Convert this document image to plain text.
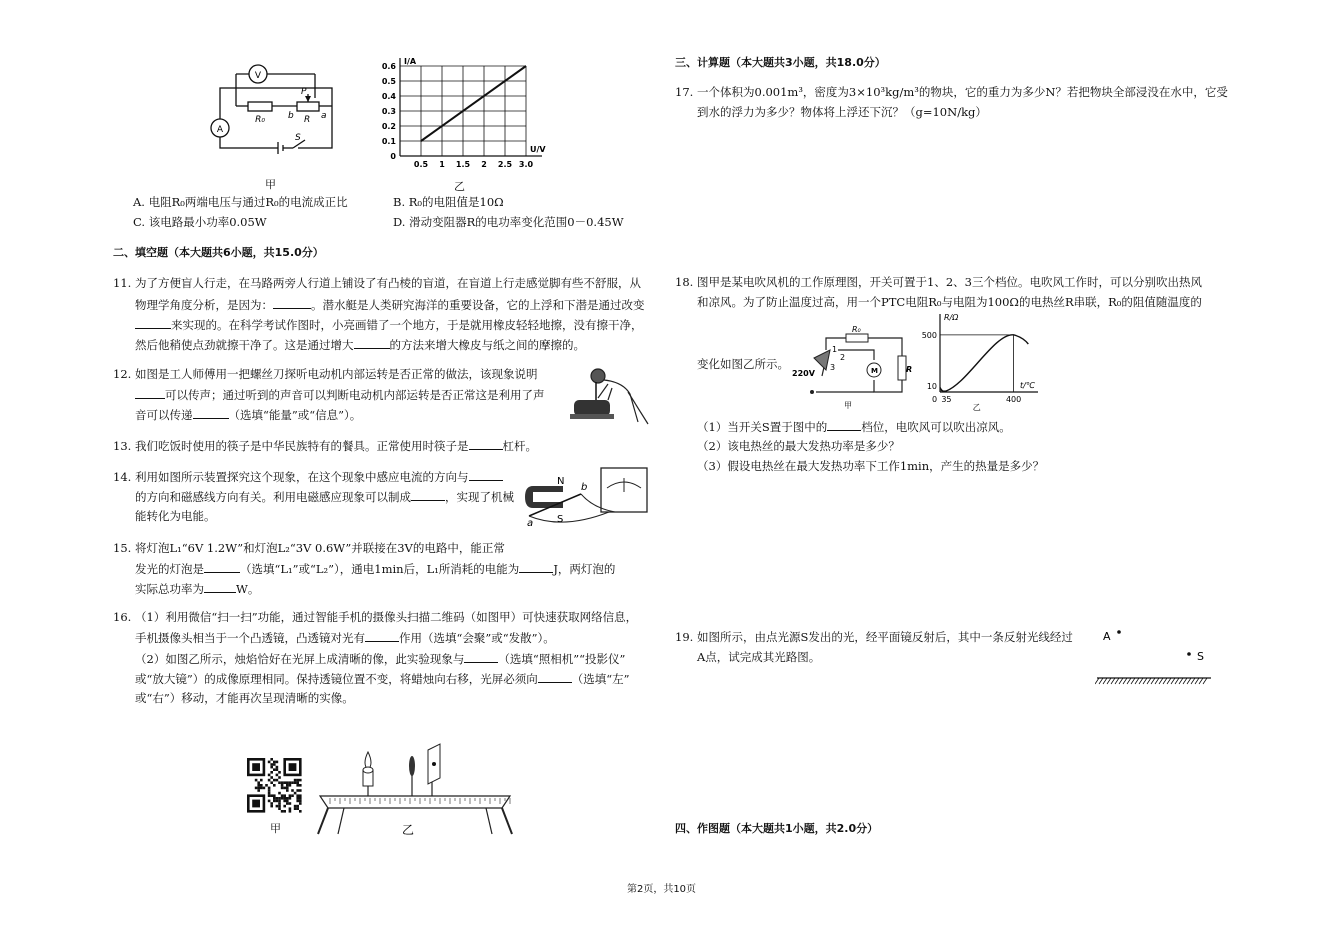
V
A
R₀
P
b R a
S
甲
I/A
U/V
0
0.1
0.2
0.3
0.4
0.5
0.6
0.5 1 1.5 2 2.5 3.0
乙
A. 电阻R₀两端电压与通过R₀的电流成正比	B. R₀的电阻值是10Ω
C. 该电路最小功率0.05W	D. 滑动变阻器R的电功率变化范围0－0.45W
二、填空题（本大题共6小题，共15.0分）
11. 为了方便盲人行走，在马路两旁人行道上铺设了有凸棱的盲道，在盲道上行走感觉脚有些不舒服，从
物理学角度分析，是因为：	。潜水艇是人类研究海洋的重要设备，它的上浮和下潜是通过改变
来实现的。在科学考试作图时，小亮画错了一个地方，于是就用橡皮轻轻地擦，没有擦干净，
然后他稍使点劲就擦干净了。这是通过增大	的方法来增大橡皮与纸之间的摩擦的。
12. 如图是工人师傅用一把螺丝刀探听电动机内部运转是否正常的做法，该现象说明
可以传声；通过听到的声音可以判断电动机内部运转是否正常这是利用了声
音可以传递	（选填“能量”或“信息”）。
13. 我们吃饭时使用的筷子是中华民族特有的餐具。正常使用时筷子是	杠杆。
14. 利用如图所示装置探究这个现象，在这个现象中感应电流的方向与
的方向和磁感线方向有关。利用电磁感应现象可以制成	，实现了机械
能转化为电能。
N
S
a
b
15. 将灯泡L₁“6V 1.2W”和灯泡L₂“3V 0.6W”并联接在3V的电路中，能正常
发光的灯泡是	（选填“L₁”或“L₂”），通电1min后，L₁所消耗的电能为	J，两灯泡的
实际总功率为	W。
16. （1）利用微信“扫一扫”功能，通过智能手机的摄像头扫描二维码（如图甲）可快速获取网络信息，
手机摄像头相当于一个凸透镜，凸透镜对光有	作用（选填“会聚”或“发散”）。
（2）如图乙所示，烛焰恰好在光屏上成清晰的像，此实验现象与	（选填“照相机”“投影仪”
或“放大镜”）的成像原理相同。保持透镜位置不变，将蜡烛向右移，光屏必须向	（选填“左”
或“右”）移动，才能再次呈现清晰的实像。
甲	乙
三、计算题（本大题共3小题，共18.0分）
17. 一个体积为0.001m³，密度为3×10³kg/m³的物块，它的重力为多少N？若把物块全部浸没在水中，它受
到水的浮力为多少？物体将上浮还下沉？（g=10N/kg）
18. 图甲是某电吹风机的工作原理图，开关可置于1、2、3三个档位。电吹风工作时，可以分别吹出热风
和凉风。为了防止温度过高，用一个PTC电阻R₀与电阻为100Ω的电热丝R串联，R₀的阻值随温度的
变化如图乙所示。
R₀
1
2
3
220V	M	R
甲
R/Ω
t/℃
500
10
0 35	400
乙
（1）当开关S置于图中的	档位，电吹风可以吹出凉风。
（2）该电热丝的最大发热功率是多少？
（3）假设电热丝在最大发热功率下工作1min，产生的热量是多少？
19. 如图所示，由点光源S发出的光，经平面镜反射后，其中一条反射光线经过
A点，试完成其光路图。
A
S
四、作图题（本大题共1小题，共2.0分）
第2页，共10页
